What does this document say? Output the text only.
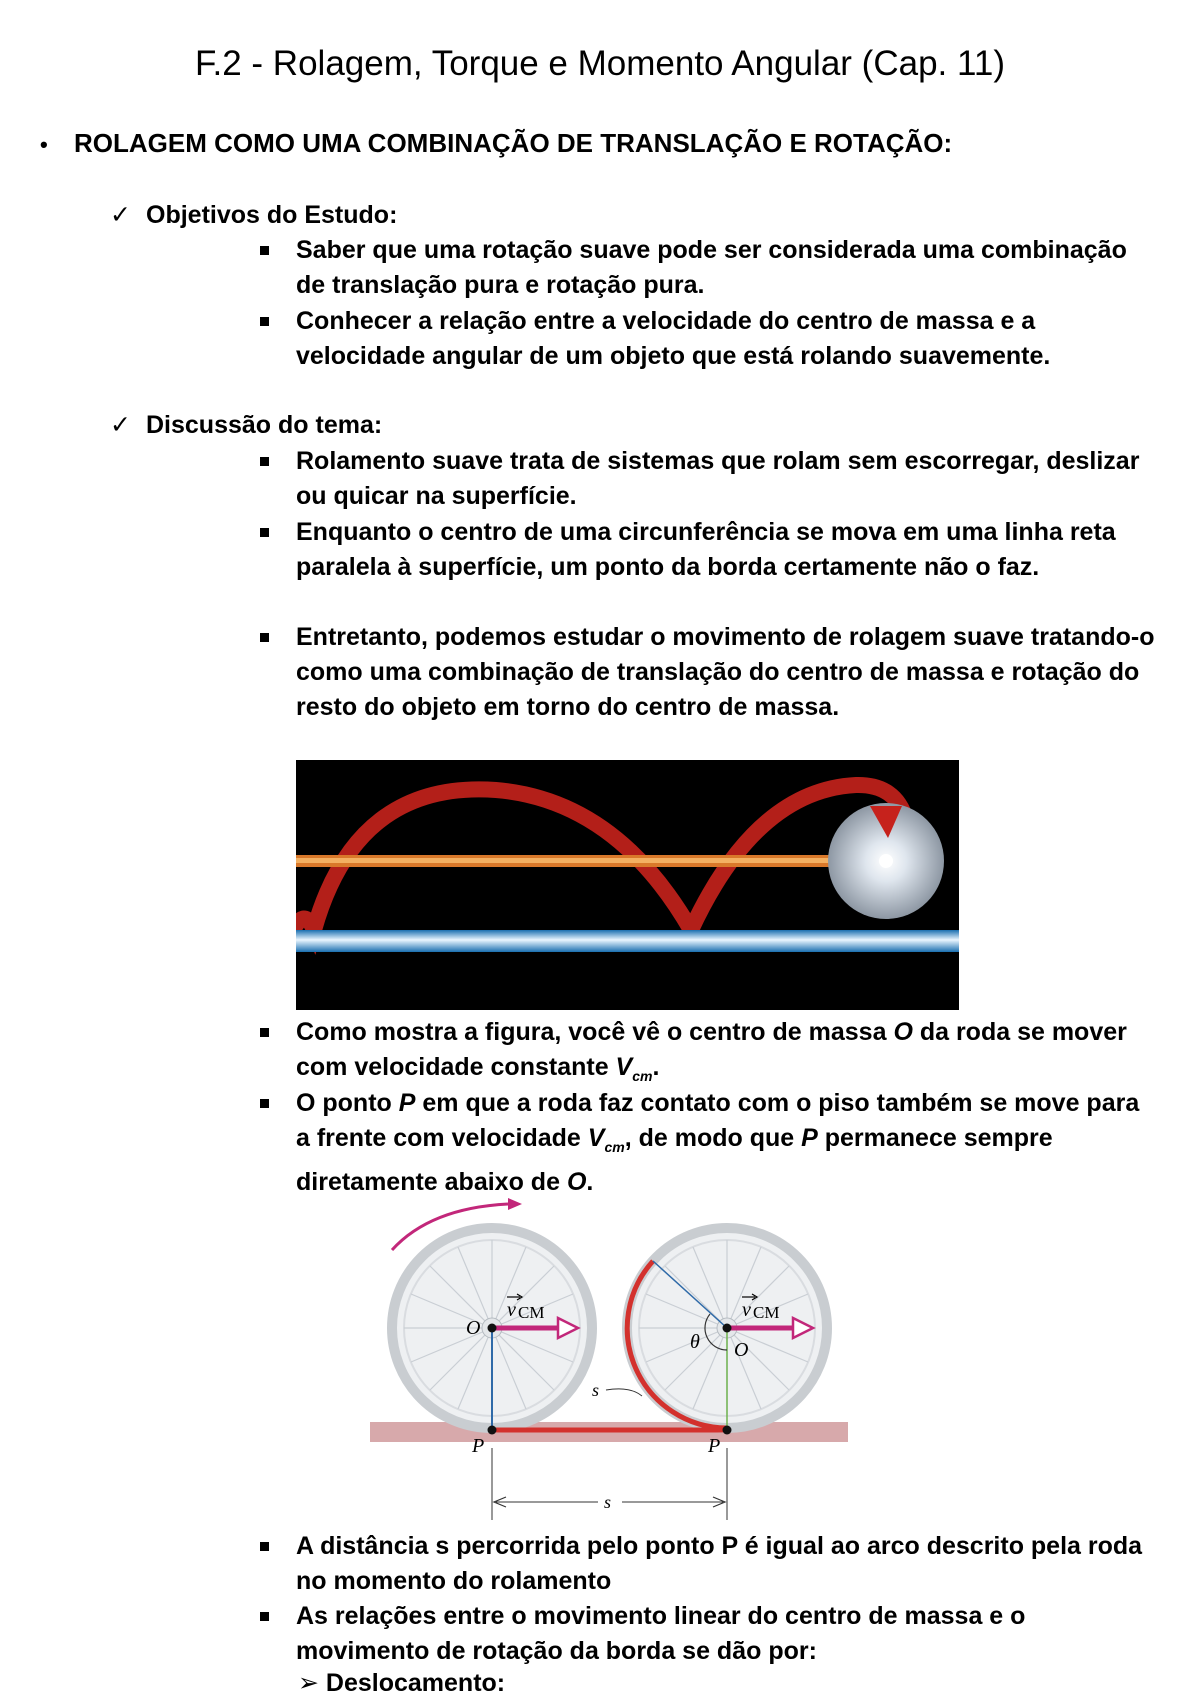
F.2 - Rolagem, Torque e Momento Angular (Cap. 11)
• ROLAGEM COMO UMA COMBINAÇÃO DE TRANSLAÇÃO E ROTAÇÃO:
✓ Objetivos do Estudo:
Saber que uma rotação suave pode ser considerada uma combinação de translação pura e rotação pura.
Conhecer a relação entre a velocidade do centro de massa e a velocidade angular de um objeto que está rolando suavemente.
✓ Discussão do tema:
Rolamento suave trata de sistemas que rolam sem escorregar, deslizar ou quicar na superfície.
Enquanto o centro de uma circunferência se mova em uma linha reta paralela à superfície, um ponto da borda certamente não o faz.
Entretanto, podemos estudar o movimento de rolagem suave tratando-o como uma combinação de translação do centro de massa e rotação do resto do objeto em torno do centro de massa.
Como mostra a figura, você vê o centro de massa O da roda se mover com velocidade constante $V_{cm}$.
O ponto P em que a roda faz contato com o piso também se move para a frente com velocidade $V_{cm}$, de modo que P permanece sempre diretamente abaixo de O.
O
v CM
O
v CM
θ
s
P	P
s
A distância s percorrida pelo ponto P é igual ao arco descrito pela roda no momento do rolamento
As relações entre o movimento linear do centro de massa e o movimento de rotação da borda se dão por:
➢ Deslocamento:
